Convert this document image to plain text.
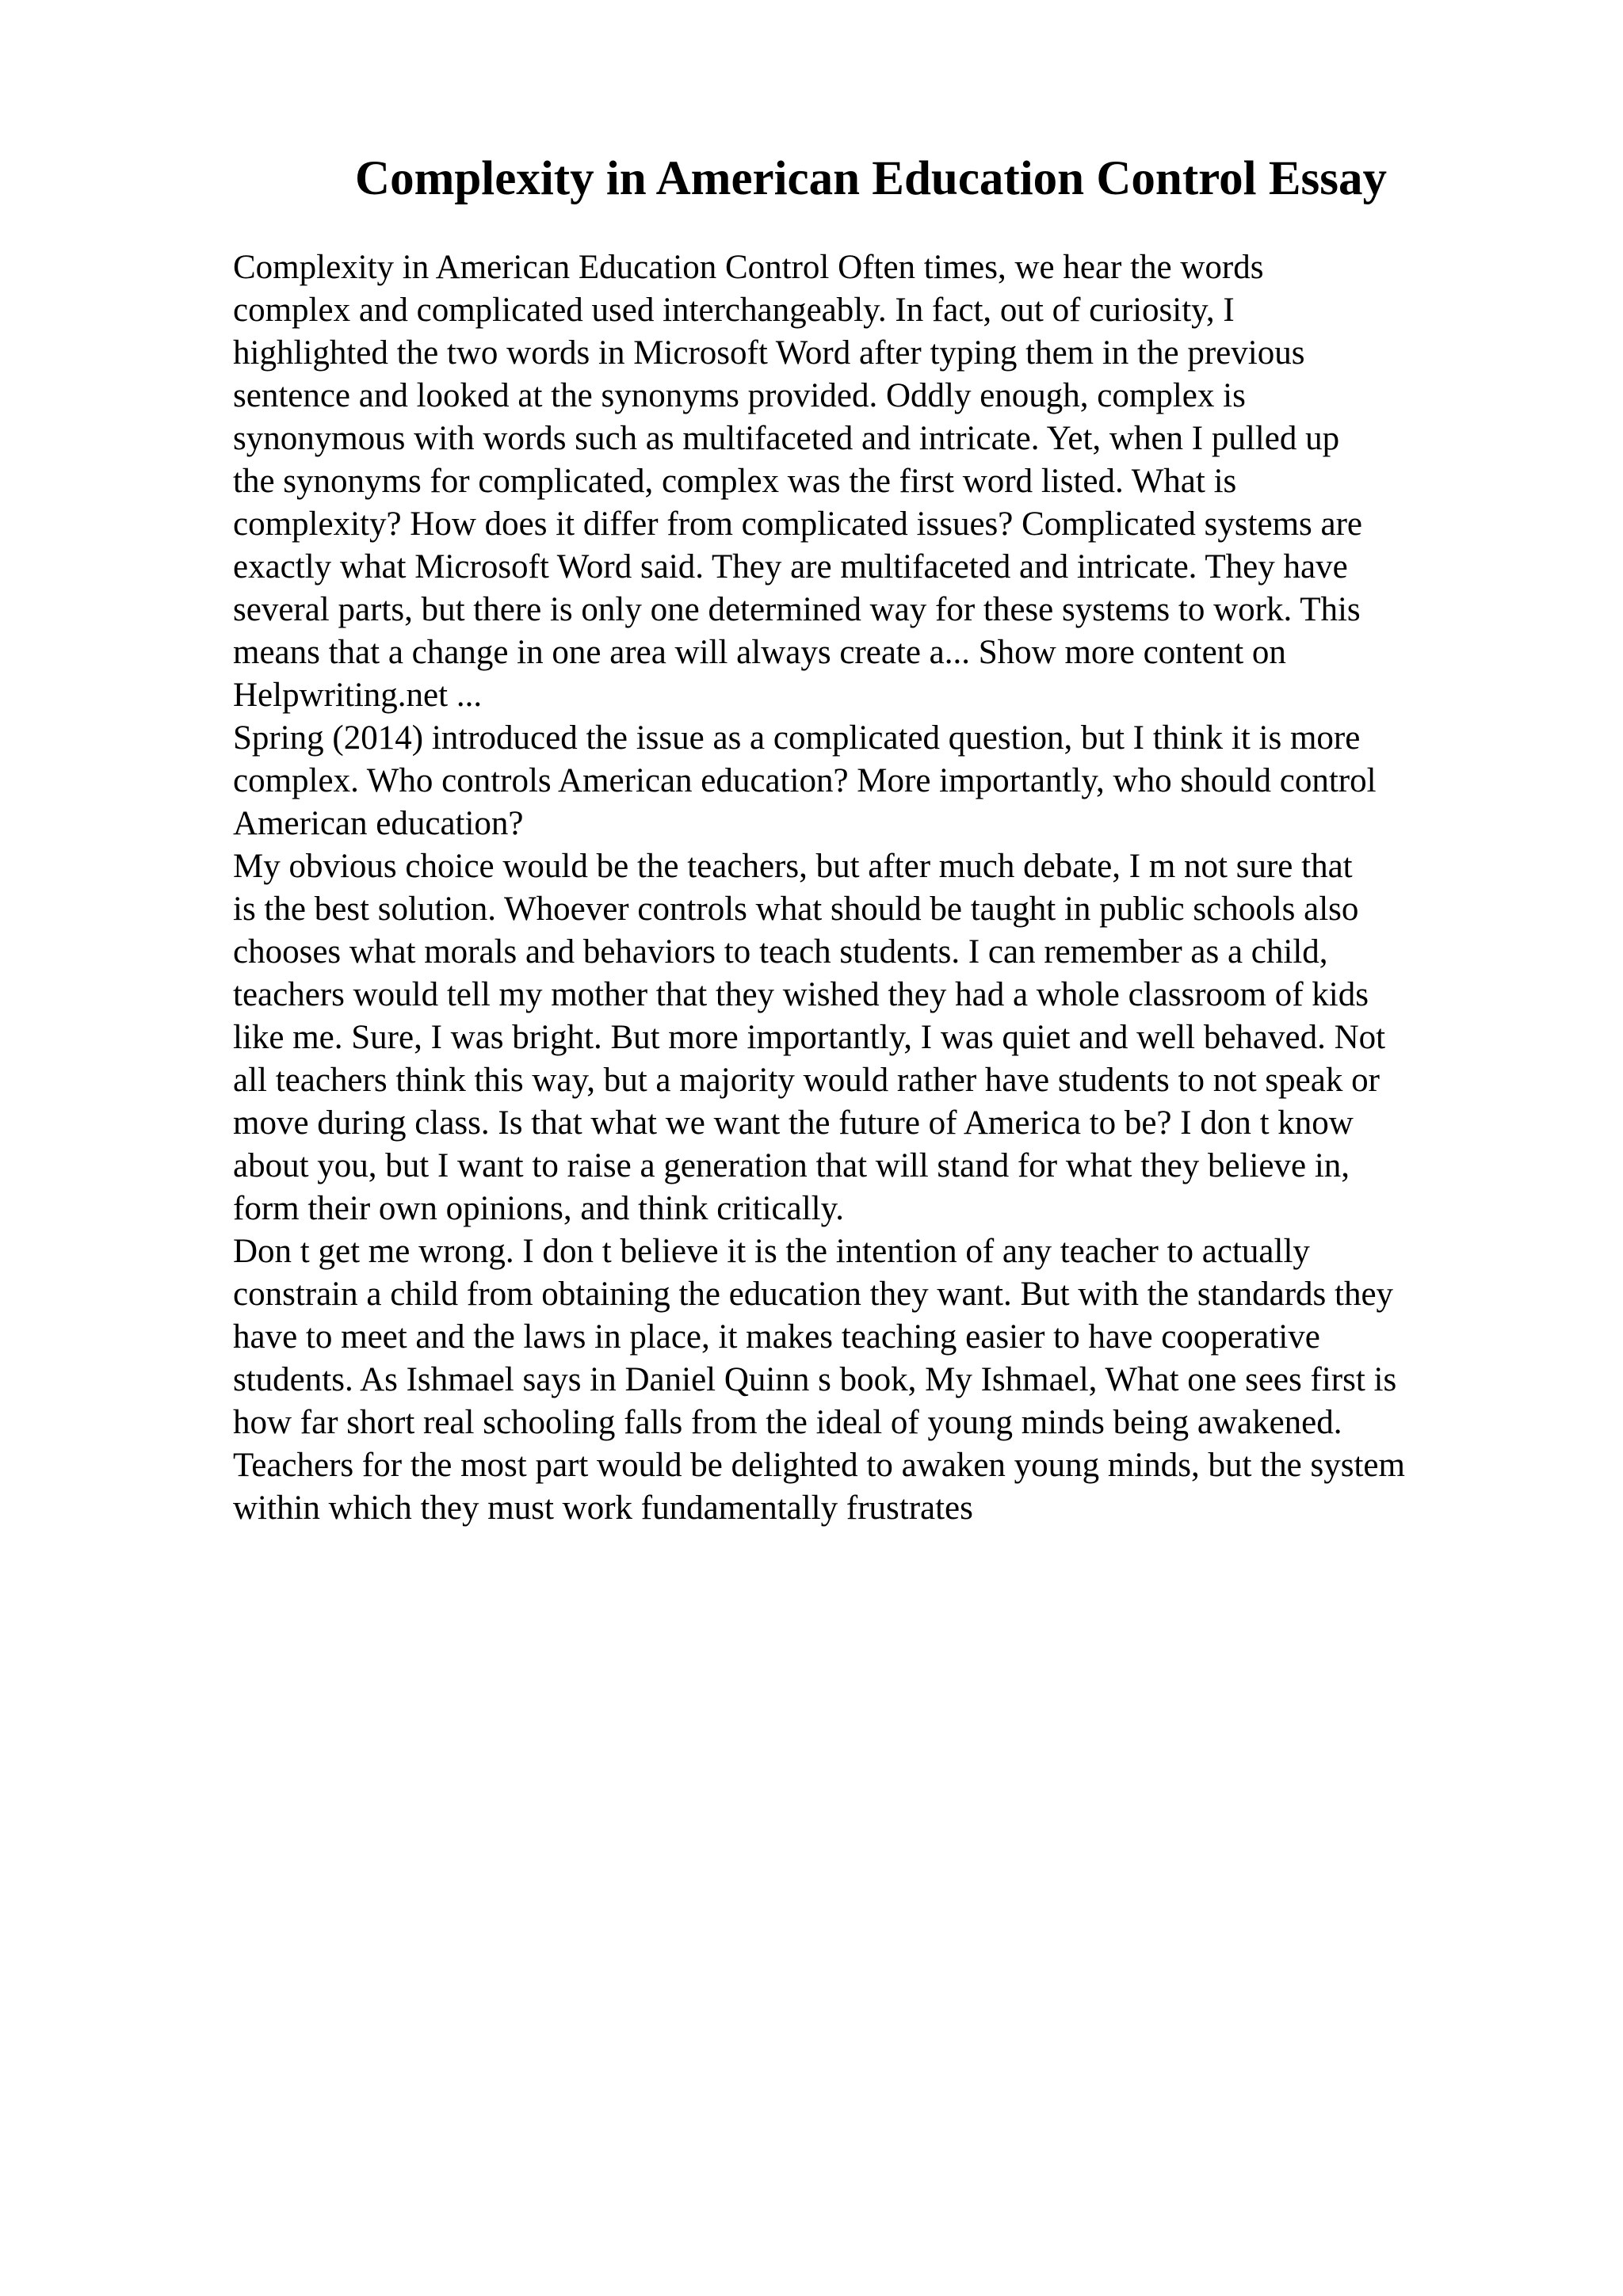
Complexity in American Education Control Essay
Complexity in American Education Control Often times, we hear the words
complex and complicated used interchangeably. In fact, out of curiosity, I
highlighted the two words in Microsoft Word after typing them in the previous
sentence and looked at the synonyms provided. Oddly enough, complex is
synonymous with words such as multifaceted and intricate. Yet, when I pulled up
the synonyms for complicated, complex was the first word listed. What is
complexity? How does it differ from complicated issues? Complicated systems are
exactly what Microsoft Word said. They are multifaceted and intricate. They have
several parts, but there is only one determined way for these systems to work. This
means that a change in one area will always create a... Show more content on
Helpwriting.net ...
Spring (2014) introduced the issue as a complicated question, but I think it is more
complex. Who controls American education? More importantly, who should control
American education?
My obvious choice would be the teachers, but after much debate, I m not sure that
is the best solution. Whoever controls what should be taught in public schools also
chooses what morals and behaviors to teach students. I can remember as a child,
teachers would tell my mother that they wished they had a whole classroom of kids
like me. Sure, I was bright. But more importantly, I was quiet and well behaved. Not
all teachers think this way, but a majority would rather have students to not speak or
move during class. Is that what we want the future of America to be? I don t know
about you, but I want to raise a generation that will stand for what they believe in,
form their own opinions, and think critically.
Don t get me wrong. I don t believe it is the intention of any teacher to actually
constrain a child from obtaining the education they want. But with the standards they
have to meet and the laws in place, it makes teaching easier to have cooperative
students. As Ishmael says in Daniel Quinn s book, My Ishmael, What one sees first is
how far short real schooling falls from the ideal of young minds being awakened.
Teachers for the most part would be delighted to awaken young minds, but the system
within which they must work fundamentally frustrates
